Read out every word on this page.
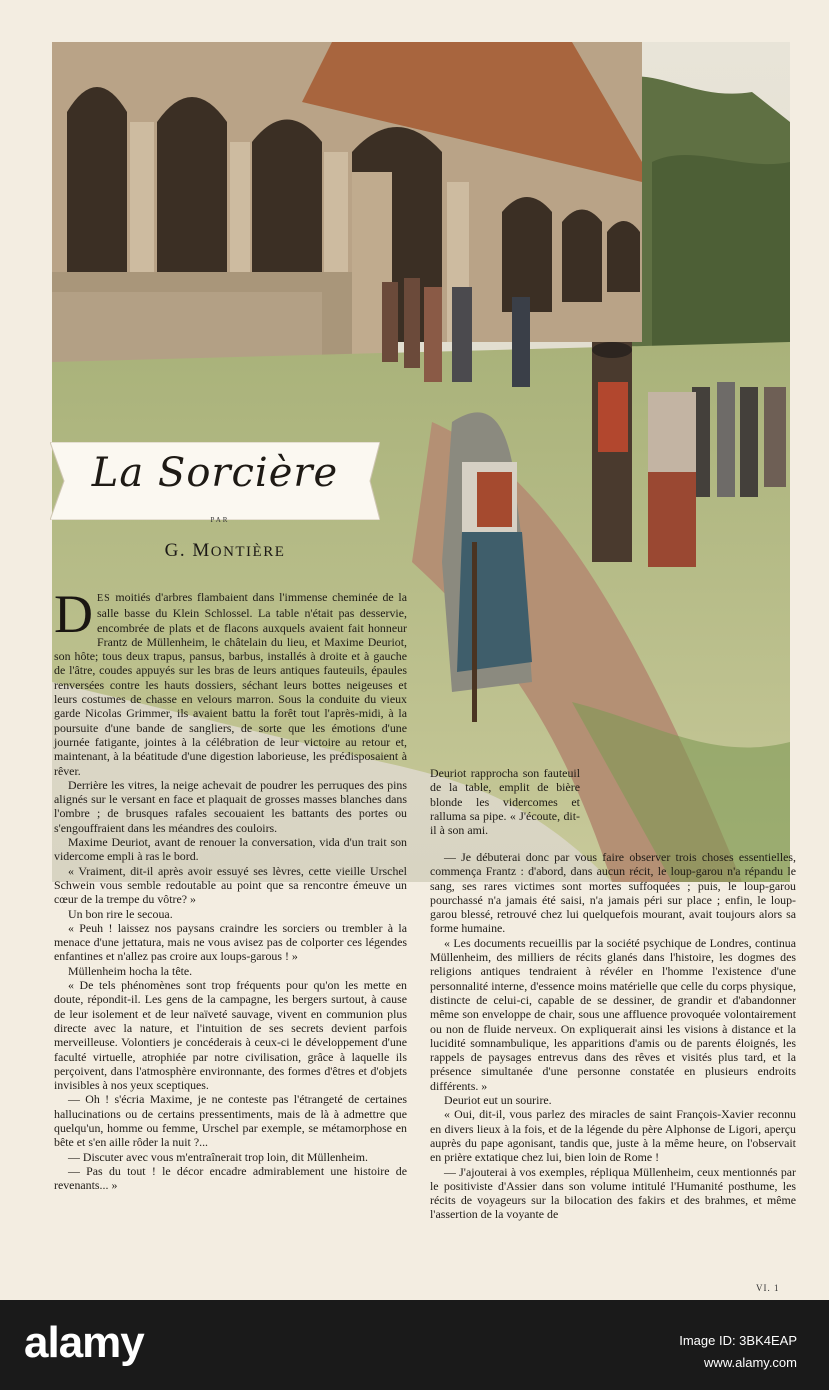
La Sorcière
PAR
G. MONTIÈRE

DES moitiés d'arbres flambaient dans l'immense cheminée de la salle basse du Klein Schlossel. La table n'était pas desservie, encombrée de plats et de flacons auxquels avaient fait honneur Frantz de Müllenheim, le châtelain du lieu, et Maxime Deuriot, son hôte; tous deux trapus, pansus, barbus, installés à droite et à gauche de l'âtre, coudes appuyés sur les bras de leurs antiques fauteuils, épaules renversées contre les hauts dossiers, séchant leurs bottes neigeuses et leurs costumes de chasse en velours marron. Sous la conduite du vieux garde Nicolas Grimmer, ils avaient battu la forêt tout l'après-midi, à la poursuite d'une bande de sangliers, de sorte que les émotions d'une journée fatigante, jointes à la célébration de leur victoire au retour et, maintenant, à la béatitude d'une digestion laborieuse, les prédisposaient à rêver.

Derrière les vitres, la neige achevait de poudrer les perruques des pins alignés sur le versant en face et plaquait de grosses masses blanches dans l'ombre ; de brusques rafales secouaient les battants des portes ou s'engouffraient dans les méandres des couloirs.

Maxime Deuriot, avant de renouer la conversation, vida d'un trait son vidercome empli à ras le bord.

« Vraiment, dit-il après avoir essuyé ses lèvres, cette vieille Urschel Schwein vous semble redoutable au point que sa rencontre émeuve un cœur de la trempe du vôtre? »

Un bon rire le secoua.

« Peuh ! laissez nos paysans craindre les sorciers ou trembler à la menace d'une jettatura, mais ne vous avisez pas de colporter ces légendes enfantines et n'allez pas croire aux loups-garous ! »

Müllenheim hocha la tête.

« De tels phénomènes sont trop fréquents pour qu'on les mette en doute, répondit-il. Les gens de la campagne, les bergers surtout, à cause de leur isolement et de leur naïveté sauvage, vivent en communion plus directe avec la nature, et l'intuition de ses secrets devient parfois merveilleuse. Volontiers je concéderais à ceux-ci le développement d'une faculté virtuelle, atrophiée par notre civilisation, grâce à laquelle ils perçoivent, dans l'atmosphère environnante, des formes d'êtres et d'objets invisibles à nos yeux sceptiques.

— Oh ! s'écria Maxime, je ne conteste pas l'étrangeté de certaines hallucinations ou de certains pressentiments, mais de là à admettre que quelqu'un, homme ou femme, Urschel par exemple, se métamorphose en bête et s'en aille rôder la nuit ?...

— Discuter avec vous m'entraînerait trop loin, dit Müllenheim.

— Pas du tout ! le décor encadre admirablement une histoire de revenants... »

Deuriot rapprocha son fauteuil de la table, emplit de bière blonde les vidercomes et ralluma sa pipe. « J'écoute, dit-il à son ami.

— Je débuterai donc par vous faire observer trois choses essentielles, commença Frantz : d'abord, dans aucun récit, le loup-garou n'a répandu le sang, ses rares victimes sont mortes suffoquées ; puis, le loup-garou pourchassé n'a jamais été saisi, n'a jamais péri sur place ; enfin, le loup-garou blessé, retrouvé chez lui quelquefois mourant, avait toujours alors sa forme humaine.

« Les documents recueillis par la société psychique de Londres, continua Müllenheim, des milliers de récits glanés dans l'histoire, les dogmes des religions antiques tendraient à révéler en l'homme l'existence d'une personnalité interne, d'essence moins matérielle que celle du corps physique, distincte de celui-ci, capable de se dessiner, de grandir et d'abandonner même son enveloppe de chair, sous une affluence provoquée volontairement ou non de fluide nerveux. On expliquerait ainsi les visions à distance et la lucidité somnambulique, les apparitions d'amis ou de parents éloignés, les rappels de paysages entrevus dans des rêves et visités plus tard, et la présence simultanée d'une personne constatée en plusieurs endroits différents. »

Deuriot eut un sourire.

« Oui, dit-il, vous parlez des miracles de saint François-Xavier reconnu en divers lieux à la fois, et de la légende du père Alphonse de Ligori, aperçu auprès du pape agonisant, tandis que, juste à la même heure, on l'observait en prière extatique chez lui, bien loin de Rome !

— J'ajouterai à vos exemples, répliqua Müllenheim, ceux mentionnés par le positiviste d'Assier dans son volume intitulé l'Humanité posthume, les récits de voyageurs sur la bilocation des fakirs et des brahmes, et même l'assertion de la voyante de

VI. 1
alamy	Image ID: 3BK4EAP
www.alamy.com
